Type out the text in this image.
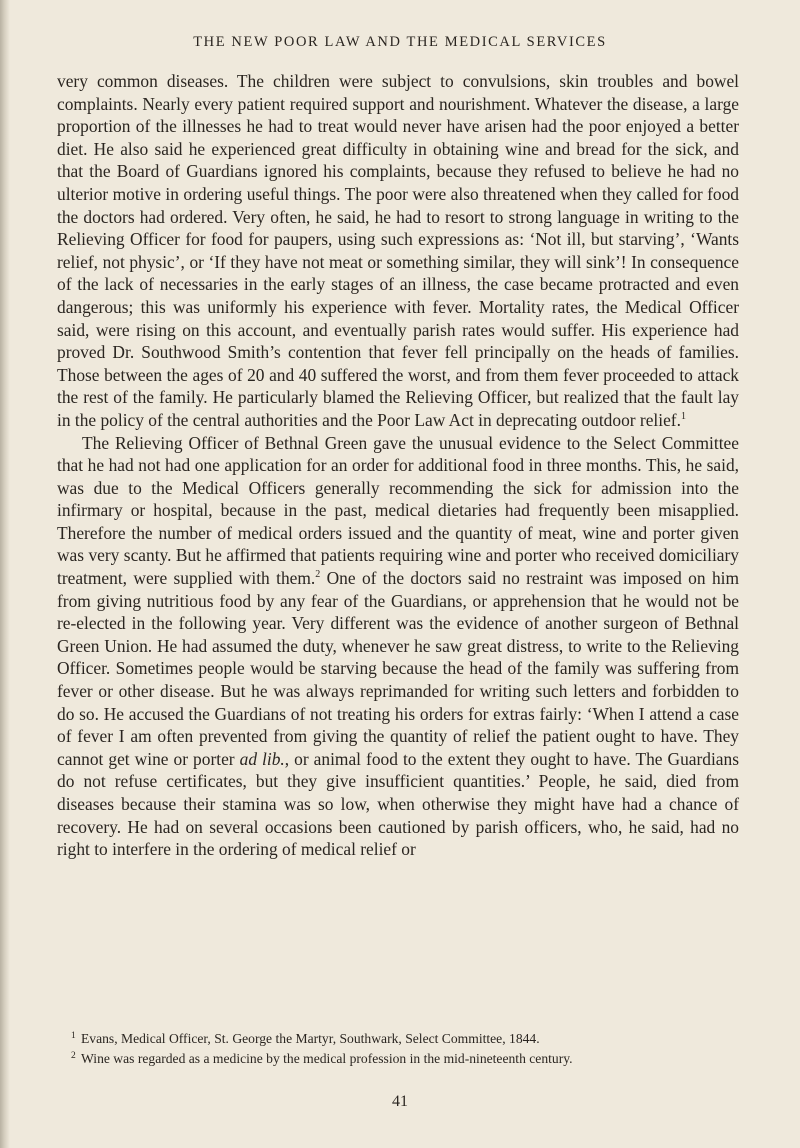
THE NEW POOR LAW AND THE MEDICAL SERVICES

very common diseases. The children were subject to convulsions, skin troubles and bowel complaints. Nearly every patient required support and nourishment. Whatever the disease, a large proportion of the illnesses he had to treat would never have arisen had the poor enjoyed a better diet. He also said he experienced great difficulty in obtaining wine and bread for the sick, and that the Board of Guardians ignored his complaints, because they refused to believe he had no ulterior motive in ordering useful things. The poor were also threatened when they called for food the doctors had ordered. Very often, he said, he had to resort to strong language in writing to the Relieving Officer for food for paupers, using such expressions as: ‘Not ill, but starving’, ‘Wants relief, not physic’, or ‘If they have not meat or something similar, they will sink’! In consequence of the lack of necessaries in the early stages of an illness, the case became protracted and even dangerous; this was uniformly his experience with fever. Mortality rates, the Medical Officer said, were rising on this account, and eventually parish rates would suffer. His experience had proved Dr. Southwood Smith’s contention that fever fell principally on the heads of families. Those between the ages of 20 and 40 suffered the worst, and from them fever proceeded to attack the rest of the family. He particularly blamed the Relieving Officer, but realized that the fault lay in the policy of the central authorities and the Poor Law Act in deprecating outdoor relief.$^1$

The Relieving Officer of Bethnal Green gave the unusual evidence to the Select Committee that he had not had one application for an order for additional food in three months. This, he said, was due to the Medical Officers generally recommending the sick for admission into the infirmary or hospital, because in the past, medical dietaries had frequently been misapplied. Therefore the number of medical orders issued and the quantity of meat, wine and porter given was very scanty. But he affirmed that patients requiring wine and porter who received domiciliary treatment, were supplied with them.$^2$ One of the doctors said no restraint was imposed on him from giving nutritious food by any fear of the Guardians, or apprehension that he would not be re-elected in the following year. Very different was the evidence of another surgeon of Bethnal Green Union. He had assumed the duty, whenever he saw great distress, to write to the Relieving Officer. Sometimes people would be starving because the head of the family was suffering from fever or other disease. But he was always reprimanded for writing such letters and forbidden to do so. He accused the Guardians of not treating his orders for extras fairly: ‘When I attend a case of fever I am often prevented from giving the quantity of relief the patient ought to have. They cannot get wine or porter ad lib., or animal food to the extent they ought to have. The Guardians do not refuse certificates, but they give insufficient quantities.’ People, he said, died from diseases because their stamina was so low, when otherwise they might have had a chance of recovery. He had on several occasions been cautioned by parish officers, who, he said, had no right to interfere in the ordering of medical relief or

1 Evans, Medical Officer, St. George the Martyr, Southwark, Select Committee, 1844.
2 Wine was regarded as a medicine by the medical profession in the mid-nineteenth century.
41
